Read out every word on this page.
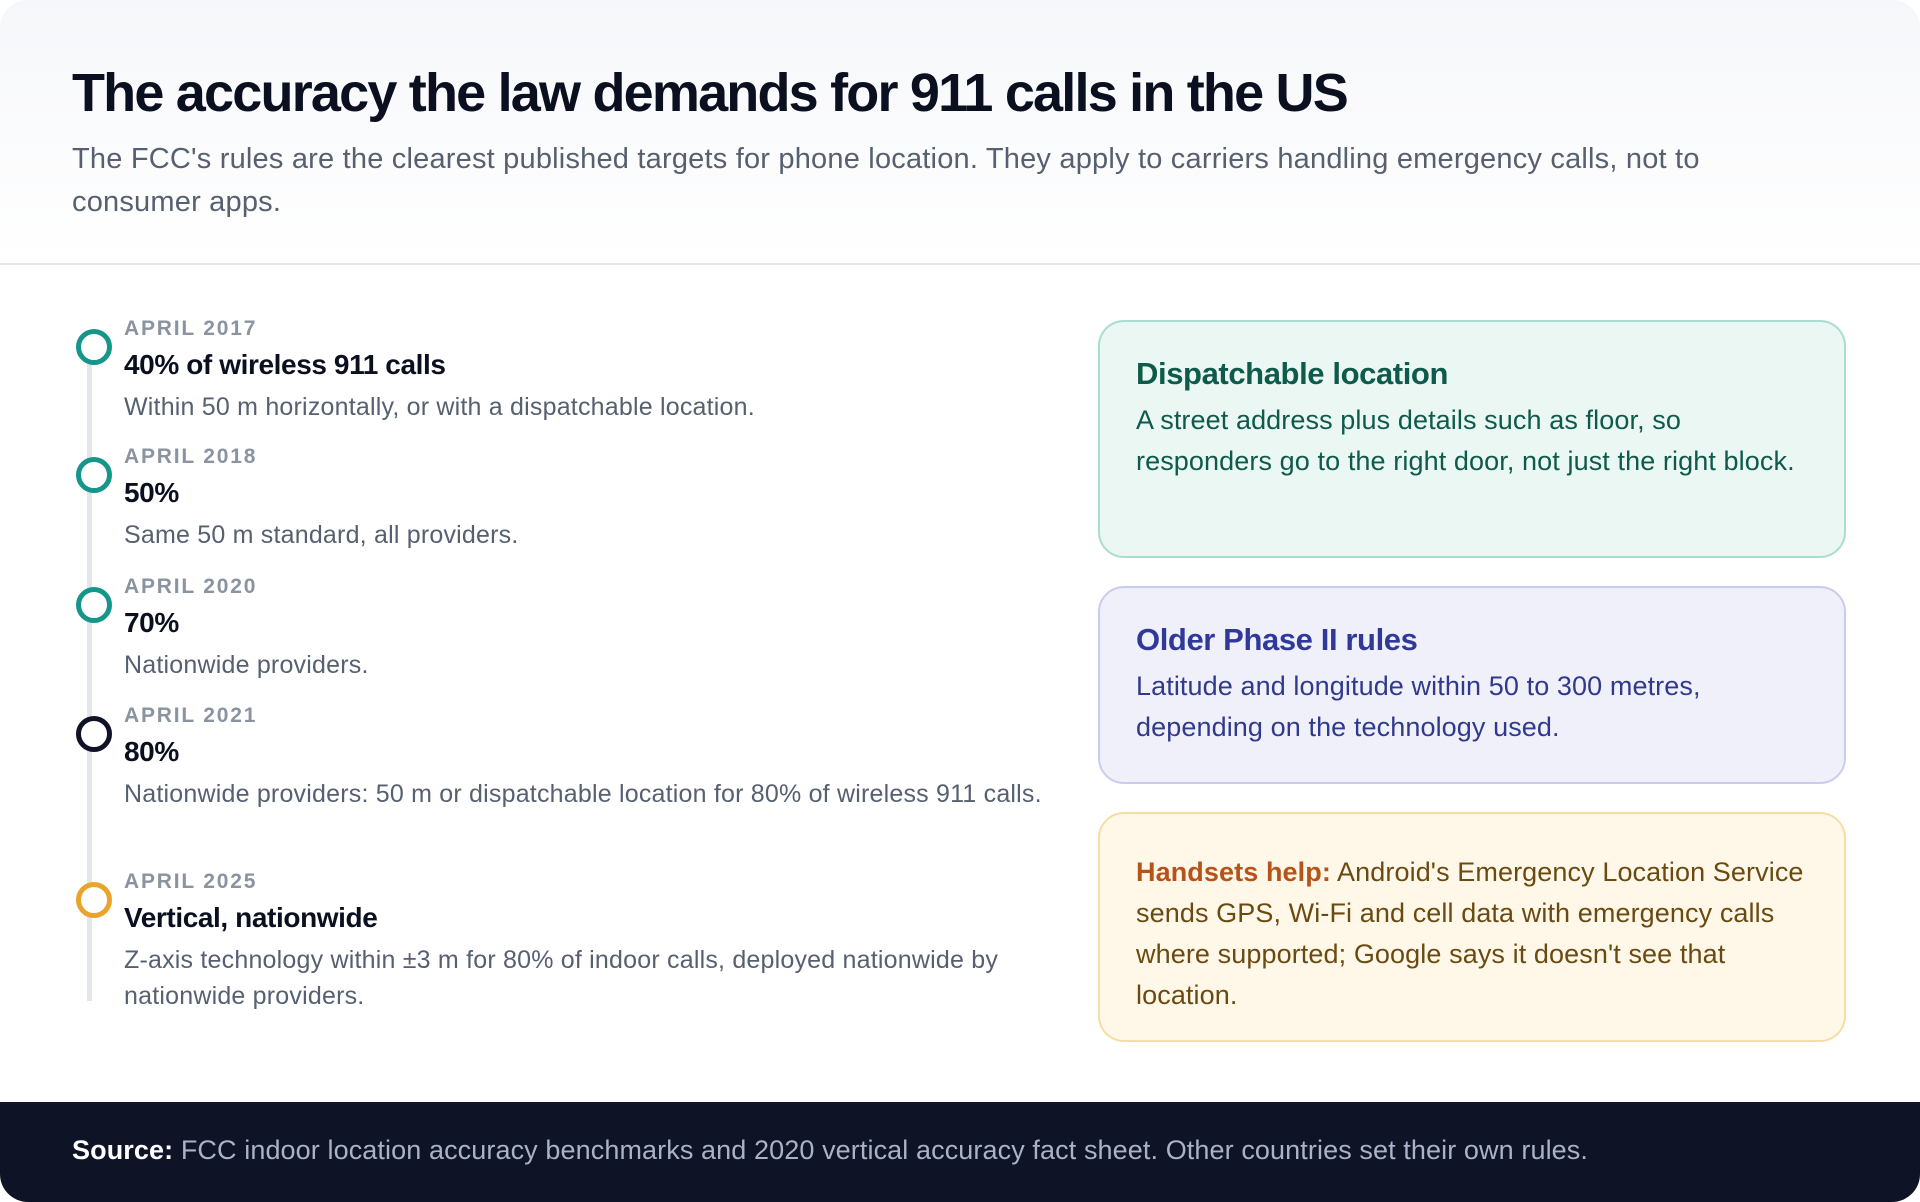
The accuracy the law demands for 911 calls in the US

The FCC's rules are the clearest published targets for phone location. They apply to carriers handling emergency calls, not to consumer apps.

APRIL 2017
40% of wireless 911 calls
Within 50 m horizontally, or with a dispatchable location.
APRIL 2018
50%
Same 50 m standard, all providers.
APRIL 2020
70%
Nationwide providers.
APRIL 2021
80%
Nationwide providers: 50 m or dispatchable location for 80% of wireless 911 calls.
APRIL 2025
Vertical, nationwide
Z-axis technology within ±3 m for 80% of indoor calls, deployed nationwide by nationwide providers.
Dispatchable location

A street address plus details such as floor, so responders go to the right door, not just the right block.

Older Phase II rules

Latitude and longitude within 50 to 300 metres, depending on the technology used.

Handsets help: Android's Emergency Location Service sends GPS, Wi-Fi and cell data with emergency calls where supported; Google says it doesn't see that location.

Source: FCC indoor location accuracy benchmarks and 2020 vertical accuracy fact sheet. Other countries set their own rules.
